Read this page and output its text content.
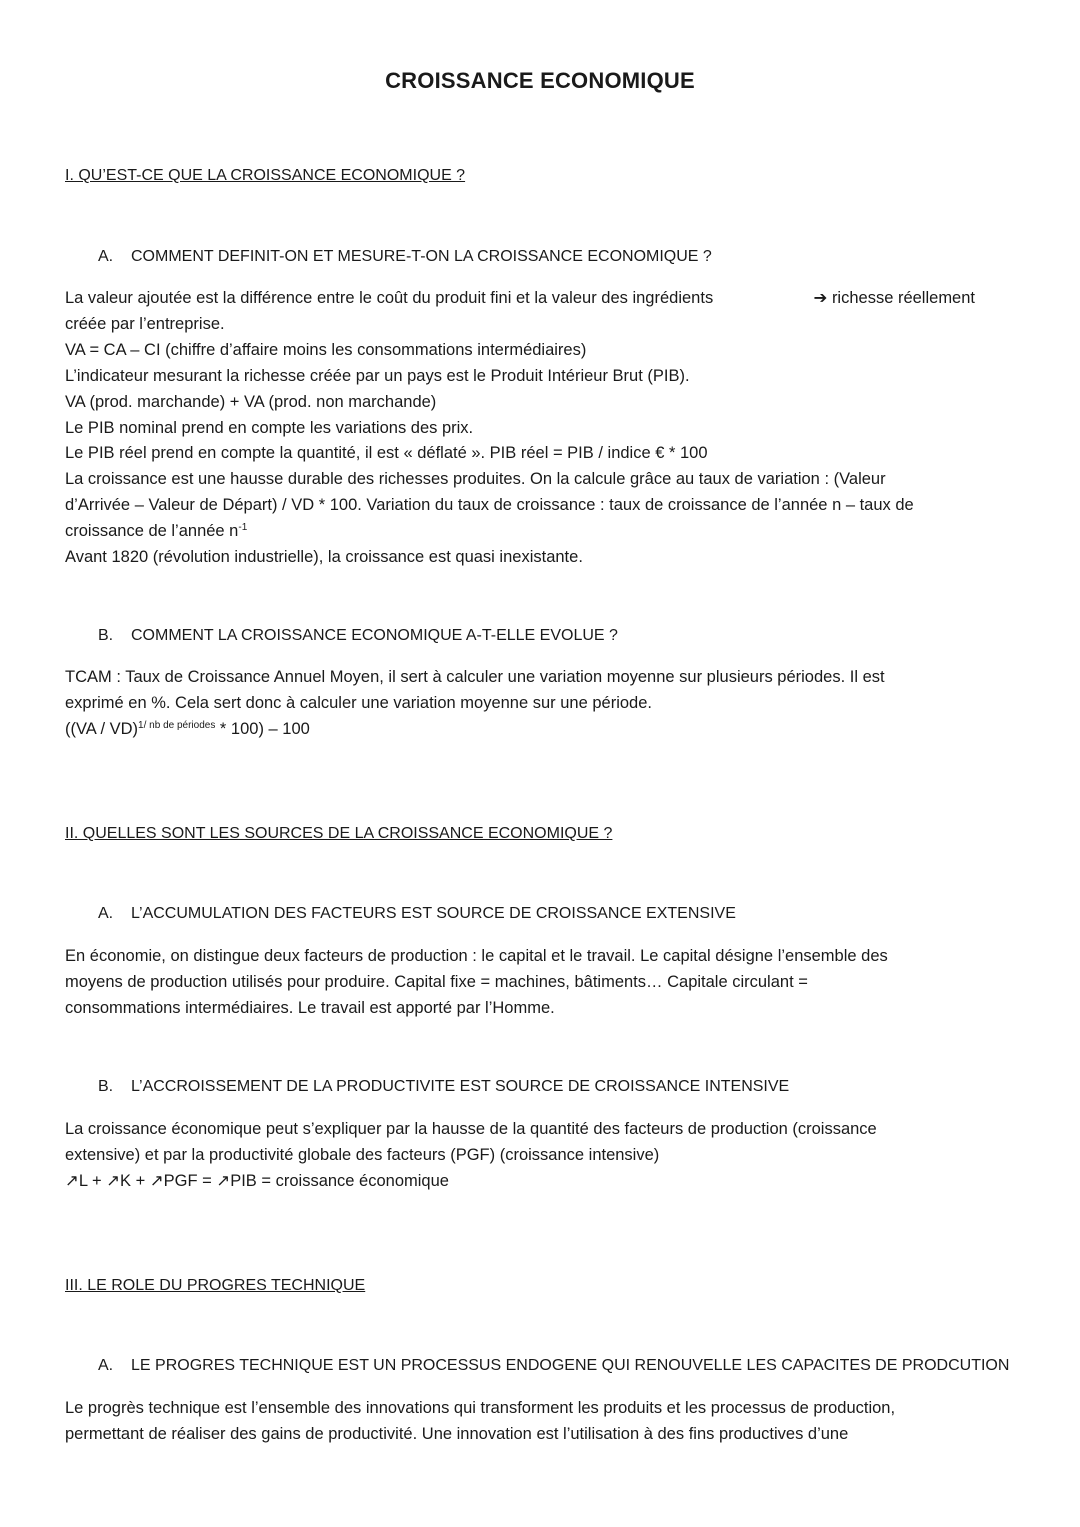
CROISSANCE ECONOMIQUE
I. QU’EST-CE QUE LA CROISSANCE ECONOMIQUE ?
A. COMMENT DEFINIT-ON ET MESURE-T-ON LA CROISSANCE ECONOMIQUE ?
La valeur ajoutée est la différence entre le coût du produit fini et la valeur des ingrédients	➔ richesse réellement
créée par l’entreprise.
VA = CA – CI (chiffre d’affaire moins les consommations intermédiaires)
L’indicateur mesurant la richesse créée par un pays est le Produit Intérieur Brut (PIB).
VA (prod. marchande) + VA (prod. non marchande)
Le PIB nominal prend en compte les variations des prix.
Le PIB réel prend en compte la quantité, il est « déflaté ». PIB réel = PIB / indice € * 100
La croissance est une hausse durable des richesses produites. On la calcule grâce au taux de variation : (Valeur
d’Arrivée – Valeur de Départ) / VD * 100. Variation du taux de croissance : taux de croissance de l’année n – taux de
croissance de l’année $n^{-1}$
Avant 1820 (révolution industrielle), la croissance est quasi inexistante.
B. COMMENT LA CROISSANCE ECONOMIQUE A-T-ELLE EVOLUE ?
TCAM : Taux de Croissance Annuel Moyen, il sert à calculer une variation moyenne sur plusieurs périodes. Il est
exprimé en %. Cela sert donc à calculer une variation moyenne sur une période.
((VA / VD)$^{1/ nb de périodes}$ * 100) – 100
II. QUELLES SONT LES SOURCES DE LA CROISSANCE ECONOMIQUE ?
A. L’ACCUMULATION DES FACTEURS EST SOURCE DE CROISSANCE EXTENSIVE
En économie, on distingue deux facteurs de production : le capital et le travail. Le capital désigne l’ensemble des
moyens de production utilisés pour produire. Capital fixe = machines, bâtiments… Capitale circulant =
consommations intermédiaires. Le travail est apporté par l’Homme.
B. L’ACCROISSEMENT DE LA PRODUCTIVITE EST SOURCE DE CROISSANCE INTENSIVE
La croissance économique peut s’expliquer par la hausse de la quantité des facteurs de production (croissance
extensive) et par la productivité globale des facteurs (PGF) (croissance intensive)
↗L + ↗K + ↗PGF = ↗PIB = croissance économique
III. LE ROLE DU PROGRES TECHNIQUE
A. LE PROGRES TECHNIQUE EST UN PROCESSUS ENDOGENE QUI RENOUVELLE LES CAPACITES DE PRODCUTION
Le progrès technique est l’ensemble des innovations qui transforment les produits et les processus de production,
permettant de réaliser des gains de productivité. Une innovation est l’utilisation à des fins productives d’une
